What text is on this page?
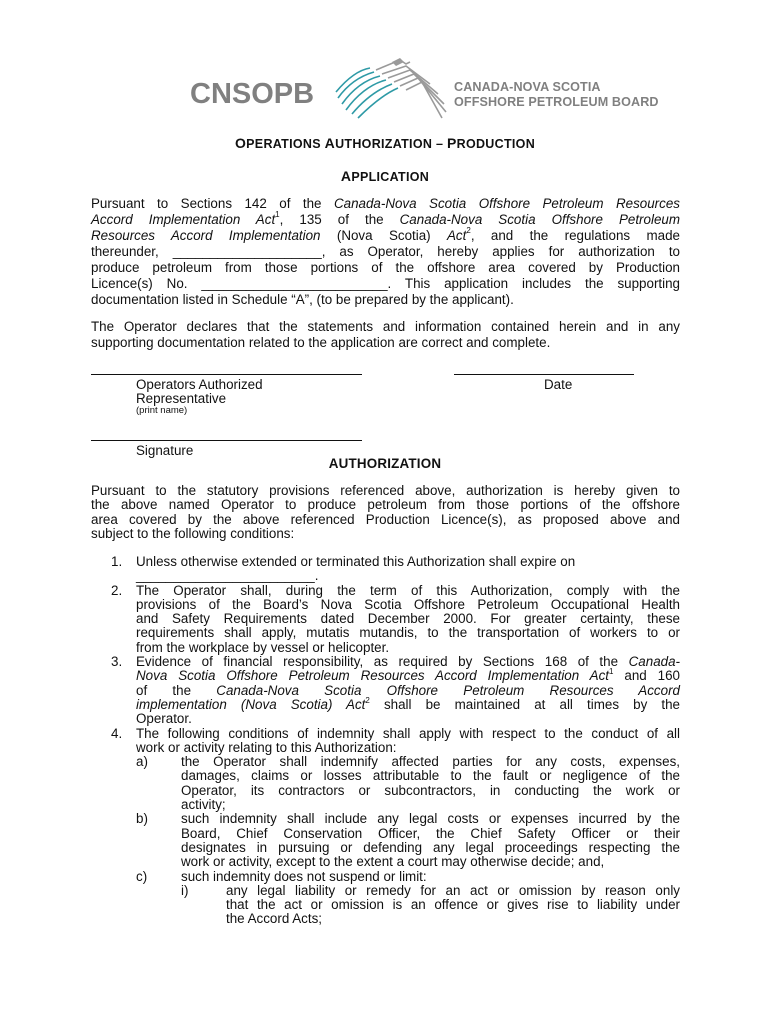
CNSOPB	CANADA-NOVA SCOTIA
OFFSHORE PETROLEUM BOARD
OPERATIONS AUTHORIZATION – PRODUCTION
APPLICATION
Pursuant to Sections 142 of the Canada-Nova Scotia Offshore Petroleum Resources
Accord Implementation Act$^1$, 135 of the Canada-Nova Scotia Offshore Petroleum
Resources Accord Implementation (Nova Scotia) Act$^2$, and the regulations made
thereunder, ____________________, as Operator, hereby applies for authorization to
produce petroleum from those portions of the offshore area covered by Production
Licence(s) No. _________________________. This application includes the supporting
documentation listed in Schedule “A”, (to be prepared by the applicant).
The Operator declares that the statements and information contained herein and in any
supporting documentation related to the application are correct and complete.
Operators Authorized
Representative
(print name)
Date
Signature
AUTHORIZATION
Pursuant to the statutory provisions referenced above, authorization is hereby given to
the above named Operator to produce petroleum from those portions of the offshore
area covered by the above referenced Production Licence(s), as proposed above and
subject to the following conditions:
1. Unless otherwise extended or terminated this Authorization shall expire on
________________________.
2. The Operator shall, during the term of this Authorization, comply with the
provisions of the Board’s Nova Scotia Offshore Petroleum Occupational Health
and Safety Requirements dated December 2000. For greater certainty, these
requirements shall apply, mutatis mutandis, to the transportation of workers to or
from the workplace by vessel or helicopter.
3. Evidence of financial responsibility, as required by Sections 168 of the Canada-
Nova Scotia Offshore Petroleum Resources Accord Implementation Act$^1$ and 160
of the Canada-Nova Scotia Offshore Petroleum Resources Accord
implementation (Nova Scotia) Act$^2$ shall be maintained at all times by the
Operator.
4. The following conditions of indemnity shall apply with respect to the conduct of all
work or activity relating to this Authorization:
a) the Operator shall indemnify affected parties for any costs, expenses,
damages, claims or losses attributable to the fault or negligence of the
Operator, its contractors or subcontractors, in conducting the work or
activity;
b) such indemnity shall include any legal costs or expenses incurred by the
Board, Chief Conservation Officer, the Chief Safety Officer or their
designates in pursuing or defending any legal proceedings respecting the
work or activity, except to the extent a court may otherwise decide; and,
c)	such indemnity does not suspend or limit:
i)	any legal liability or remedy for an act or omission by reason only
that the act or omission is an offence or gives rise to liability under
the Accord Acts;
